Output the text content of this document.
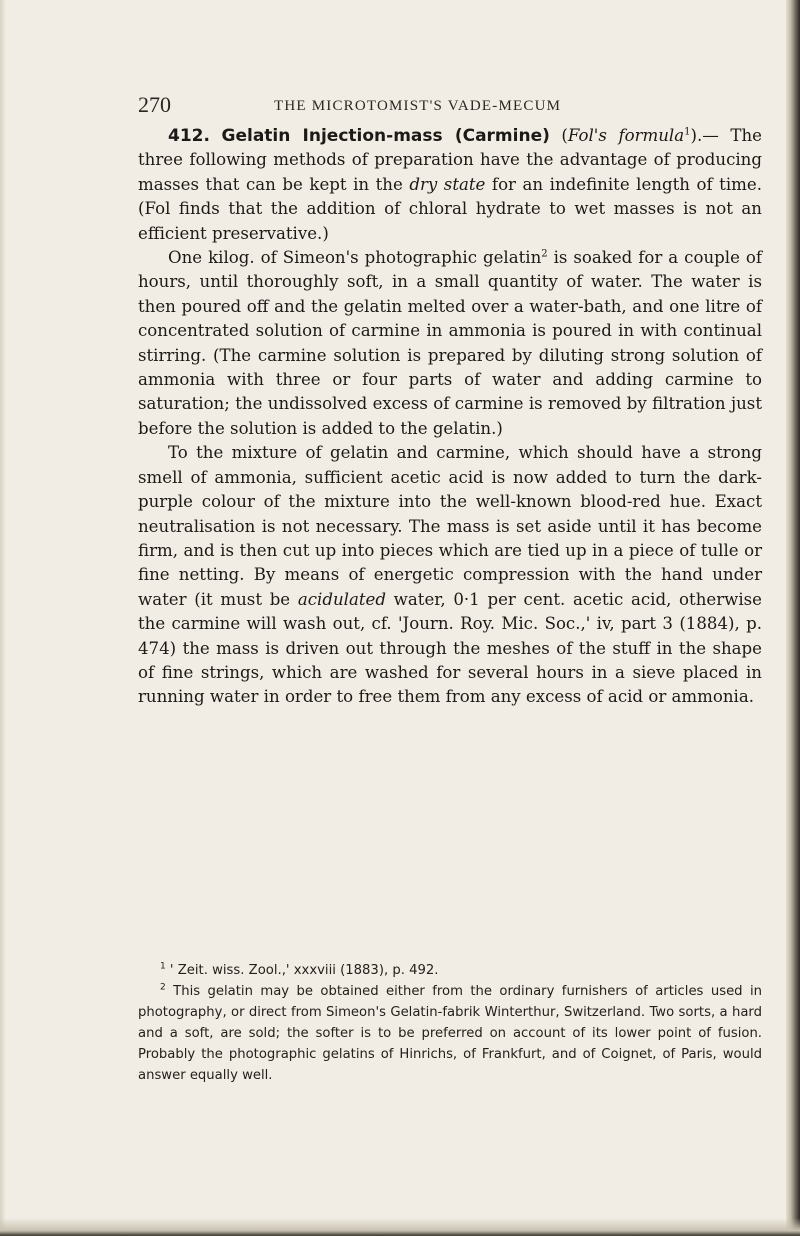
270	THE MICROTOMIST'S VADE-MECUM

412. Gelatin Injection-mass (Carmine) (Fol's formula$^1$).— The three following methods of preparation have the advantage of producing masses that can be kept in the dry state for an indefinite length of time. (Fol finds that the addition of chloral hydrate to wet masses is not an efficient preservative.)

One kilog. of Simeon's photographic gelatin$^2$ is soaked for a couple of hours, until thoroughly soft, in a small quantity of water. The water is then poured off and the gelatin melted over a water-bath, and one litre of concentrated solution of carmine in ammonia is poured in with continual stirring. (The carmine solution is prepared by diluting strong solution of ammonia with three or four parts of water and adding carmine to saturation; the undissolved excess of carmine is removed by filtration just before the solution is added to the gelatin.)

To the mixture of gelatin and carmine, which should have a strong smell of ammonia, sufficient acetic acid is now added to turn the dark-purple colour of the mixture into the well-known blood-red hue. Exact neutralisation is not necessary. The mass is set aside until it has become firm, and is then cut up into pieces which are tied up in a piece of tulle or fine netting. By means of energetic compression with the hand under water (it must be acidulated water, 0·1 per cent. acetic acid, otherwise the carmine will wash out, cf. 'Journ. Roy. Mic. Soc.,' iv, part 3 (1884), p. 474) the mass is driven out through the meshes of the stuff in the shape of fine strings, which are washed for several hours in a sieve placed in running water in order to free them from any excess of acid or ammonia.

$^1$ ' Zeit. wiss. Zool.,' xxxviii (1883), p. 492.

$^2$ This gelatin may be obtained either from the ordinary furnishers of articles used in photography, or direct from Simeon's Gelatin-fabrik Winterthur, Switzerland. Two sorts, a hard and a soft, are sold; the softer is to be preferred on account of its lower point of fusion. Probably the photographic gelatins of Hinrichs, of Frankfurt, and of Coignet, of Paris, would answer equally well.
